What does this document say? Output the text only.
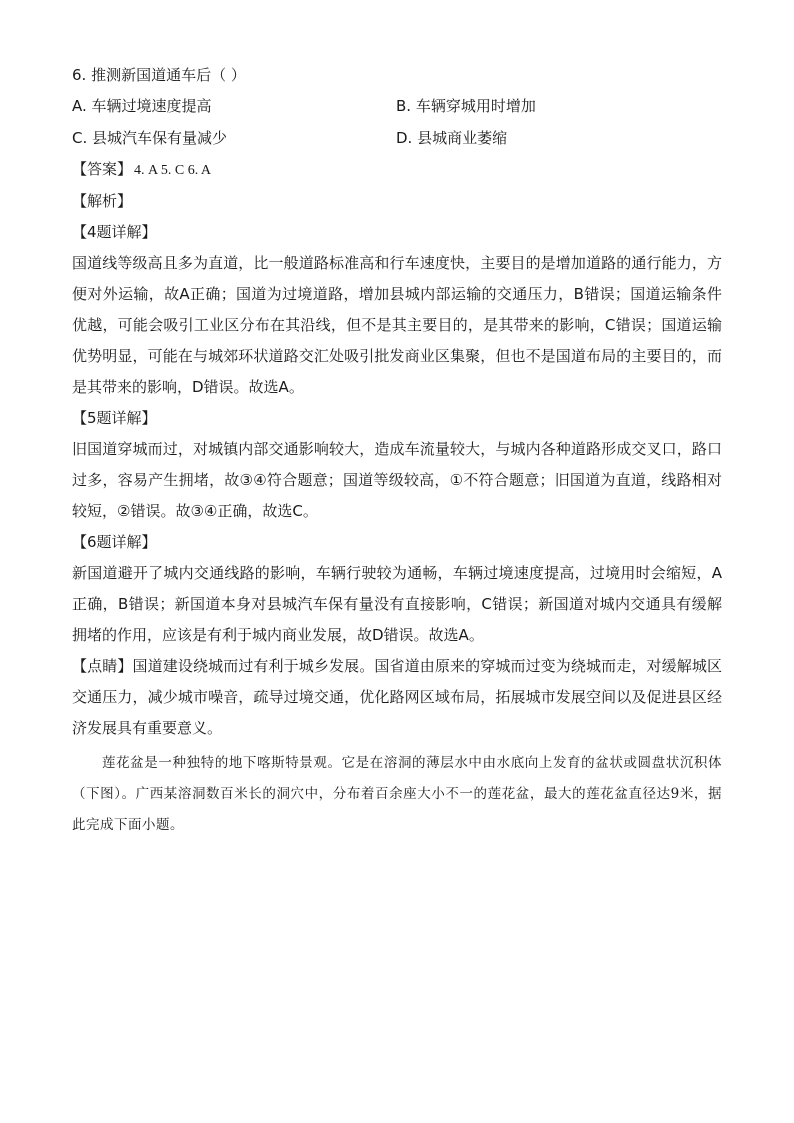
6. 推测新国道通车后（ ）
A. 车辆过境速度提高	B. 车辆穿城用时增加
C. 县城汽车保有量减少	D. 县城商业萎缩
【答案】 4. A 5. C 6. A
【解析】
【4题详解】
国道线等级高且多为直道，比一般道路标准高和行车速度快，主要目的是增加道路的通行能力，方便对外运输，故A正确；国道为过境道路，增加县城内部运输的交通压力，B错误；国道运输条件优越，可能会吸引工业区分布在其沿线，但不是其主要目的，是其带来的影响，C错误；国道运输优势明显，可能在与城郊环状道路交汇处吸引批发商业区集聚，但也不是国道布局的主要目的，而是其带来的影响，D错误。故选A。
【5题详解】
旧国道穿城而过，对城镇内部交通影响较大，造成车流量较大，与城内各种道路形成交叉口，路口过多，容易产生拥堵，故③④符合题意；国道等级较高，①不符合题意；旧国道为直道，线路相对较短，②错误。故③④正确，故选C。
【6题详解】
新国道避开了城内交通线路的影响，车辆行驶较为通畅，车辆过境速度提高，过境用时会缩短，A正确，B错误；新国道本身对县城汽车保有量没有直接影响，C错误；新国道对城内交通具有缓解拥堵的作用，应该是有利于城内商业发展，故D错误。故选A。
【点睛】国道建设绕城而过有利于城乡发展。国省道由原来的穿城而过变为绕城而走，对缓解城区交通压力，减少城市噪音，疏导过境交通，优化路网区域布局，拓展城市发展空间以及促进县区经济发展具有重要意义。
莲花盆是一种独特的地下喀斯特景观。它是在溶洞的薄层水中由水底向上发育的盆状或圆盘状沉积体（下图）。广西某溶洞数百米长的洞穴中，分布着百余座大小不一的莲花盆，最大的莲花盆直径达9米，据此完成下面小题。
